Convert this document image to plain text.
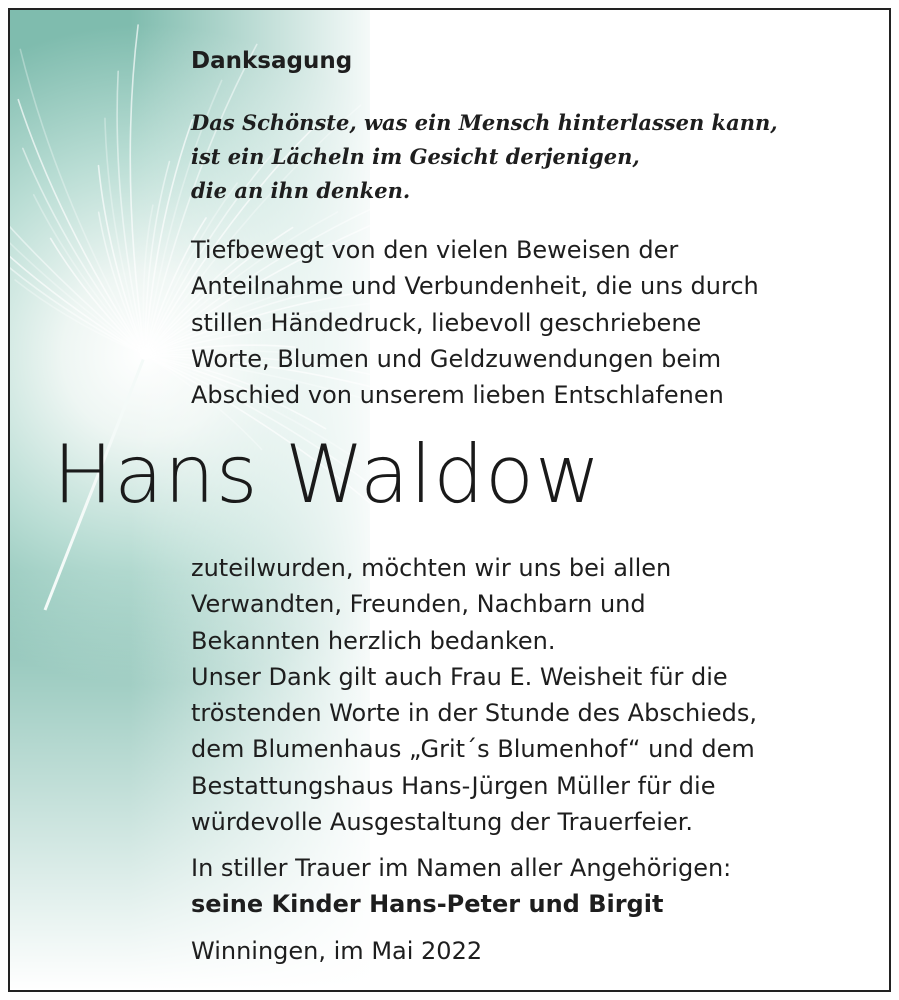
Danksagung
Das Schönste, was ein Mensch hinterlassen kann,
ist ein Lächeln im Gesicht derjenigen,
die an ihn denken.
Tiefbewegt von den vielen Beweisen der
Anteilnahme und Verbundenheit, die uns durch
stillen Händedruck, liebevoll geschriebene
Worte, Blumen und Geldzuwendungen beim
Abschied von unserem lieben Entschlafenen
Hans Waldow
zuteilwurden, möchten wir uns bei allen
Verwandten, Freunden, Nachbarn und
Bekannten herzlich bedanken.
Unser Dank gilt auch Frau E. Weisheit für die
tröstenden Worte in der Stunde des Abschieds,
dem Blumenhaus „Grit´s Blumenhof“ und dem
Bestattungshaus Hans-Jürgen Müller für die
würdevolle Ausgestaltung der Trauerfeier.
In stiller Trauer im Namen aller Angehörigen:
seine Kinder Hans-Peter und Birgit
Winningen, im Mai 2022
